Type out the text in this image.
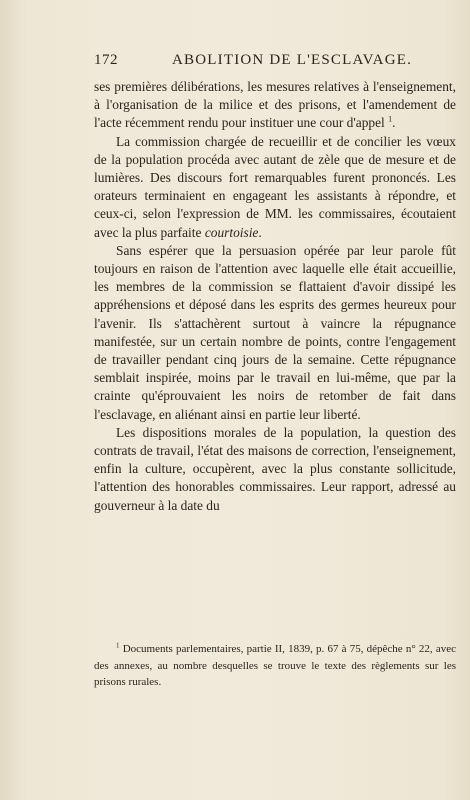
172	ABOLITION DE L'ESCLAVAGE.

ses premières délibérations, les mesures relatives à l'enseignement, à l'organisation de la milice et des prisons, et l'amendement de l'acte récemment rendu pour instituer une cour d'appel $^1$.

La commission chargée de recueillir et de concilier les vœux de la population procéda avec autant de zèle que de mesure et de lumières. Des discours fort remarquables furent prononcés. Les orateurs terminaient en engageant les assistants à répondre, et ceux-ci, selon l'expression de MM. les commissaires, écoutaient avec la plus parfaite courtoisie.

Sans espérer que la persuasion opérée par leur parole fût toujours en raison de l'attention avec laquelle elle était accueillie, les membres de la commission se flattaient d'avoir dissipé les appréhensions et déposé dans les esprits des germes heureux pour l'avenir. Ils s'attachèrent surtout à vaincre la répugnance manifestée, sur un certain nombre de points, contre l'engagement de travailler pendant cinq jours de la semaine. Cette répugnance semblait inspirée, moins par le travail en lui-même, que par la crainte qu'éprouvaient les noirs de retomber de fait dans l'esclavage, en aliénant ainsi en partie leur liberté.

Les dispositions morales de la population, la question des contrats de travail, l'état des maisons de correction, l'enseignement, enfin la culture, occupèrent, avec la plus constante sollicitude, l'attention des honorables commissaires. Leur rapport, adressé au gouverneur à la date du

$^1$ Documents parlementaires, partie II, 1839, p. 67 à 75, dépêche n° 22, avec des annexes, au nombre desquelles se trouve le texte des règlements sur les prisons rurales.
